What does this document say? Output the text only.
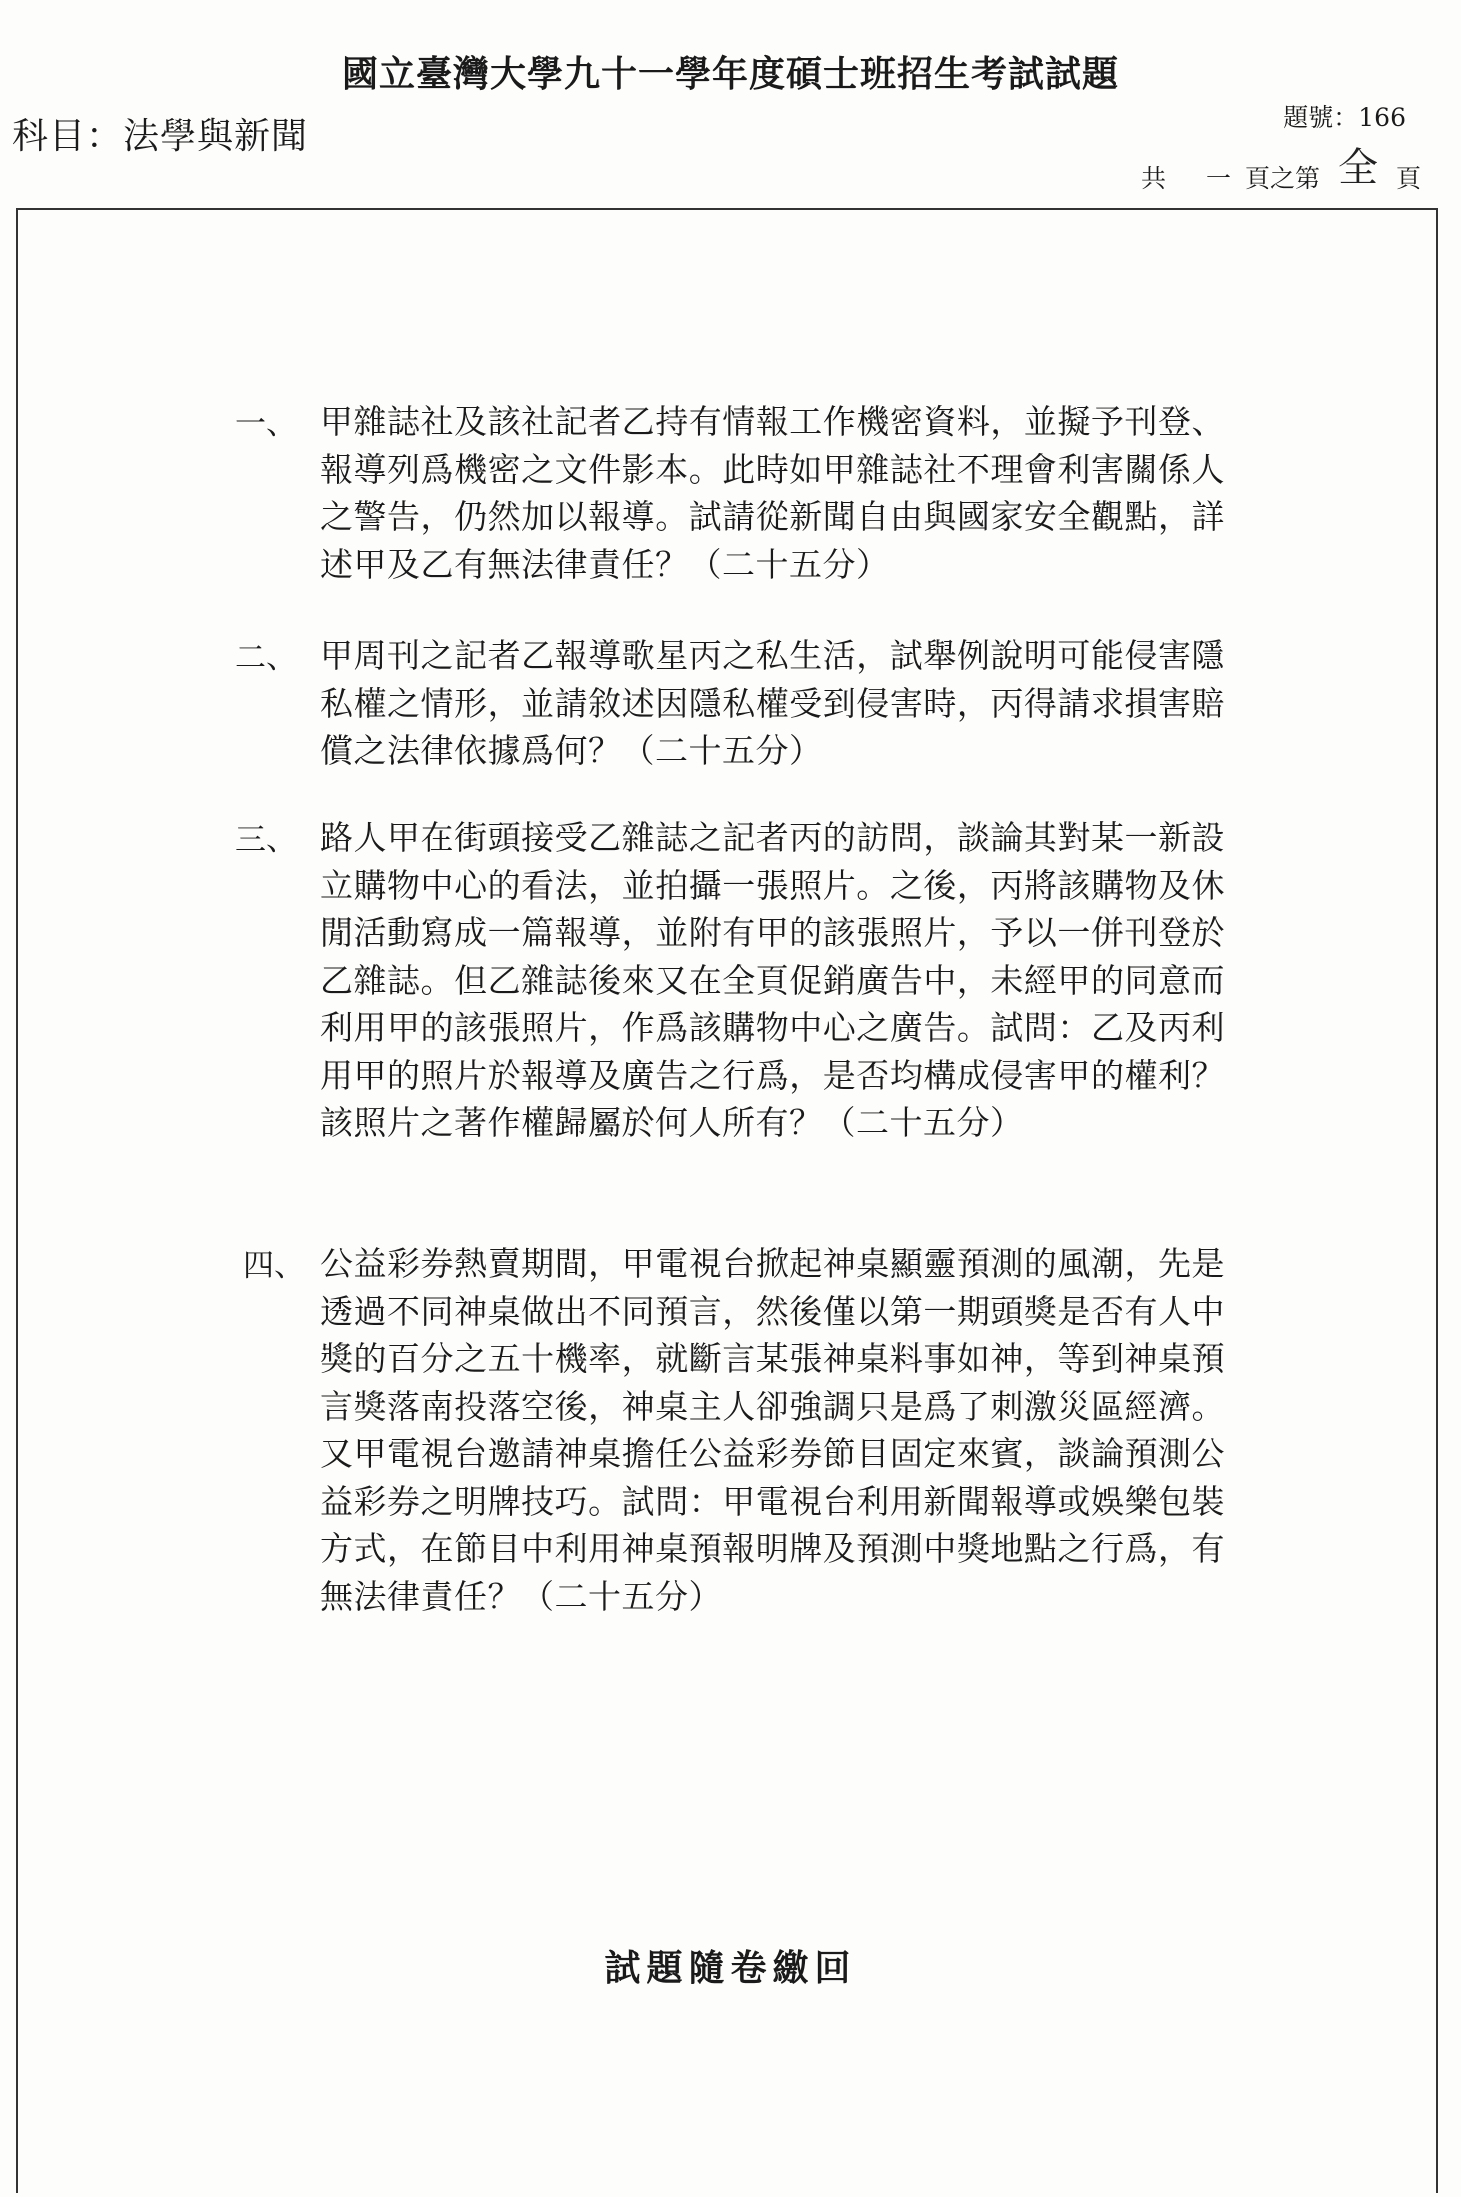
國立臺灣大學九十一學年度碩士班招生考試試題
科目：法學與新聞	題號：166
共 一 頁之第 全 頁
一、 甲雜誌社及該社記者乙持有情報工作機密資料，並擬予刊登、報導列爲機密之文件影本。此時如甲雜誌社不理會利害關係人之警告，仍然加以報導。試請從新聞自由與國家安全觀點，詳述甲及乙有無法律責任？（二十五分）
二、 甲周刊之記者乙報導歌星丙之私生活，試舉例說明可能侵害隱私權之情形，並請敘述因隱私權受到侵害時，丙得請求損害賠償之法律依據爲何？（二十五分）
三、 路人甲在街頭接受乙雜誌之記者丙的訪問，談論其對某一新設立購物中心的看法，並拍攝一張照片。之後，丙將該購物及休閒活動寫成一篇報導，並附有甲的該張照片，予以一併刊登於乙雜誌。但乙雜誌後來又在全頁促銷廣告中，未經甲的同意而利用甲的該張照片，作爲該購物中心之廣告。試問：乙及丙利用甲的照片於報導及廣告之行爲，是否均構成侵害甲的權利？該照片之著作權歸屬於何人所有？（二十五分）
四、 公益彩券熱賣期間，甲電視台掀起神桌顯靈預測的風潮，先是透過不同神桌做出不同預言，然後僅以第一期頭獎是否有人中獎的百分之五十機率，就斷言某張神桌料事如神，等到神桌預言獎落南投落空後，神桌主人卻強調只是爲了刺激災區經濟。又甲電視台邀請神桌擔任公益彩券節目固定來賓，談論預測公益彩券之明牌技巧。試問：甲電視台利用新聞報導或娛樂包裝方式，在節目中利用神桌預報明牌及預測中獎地點之行爲，有無法律責任？（二十五分）
試題隨卷繳回
